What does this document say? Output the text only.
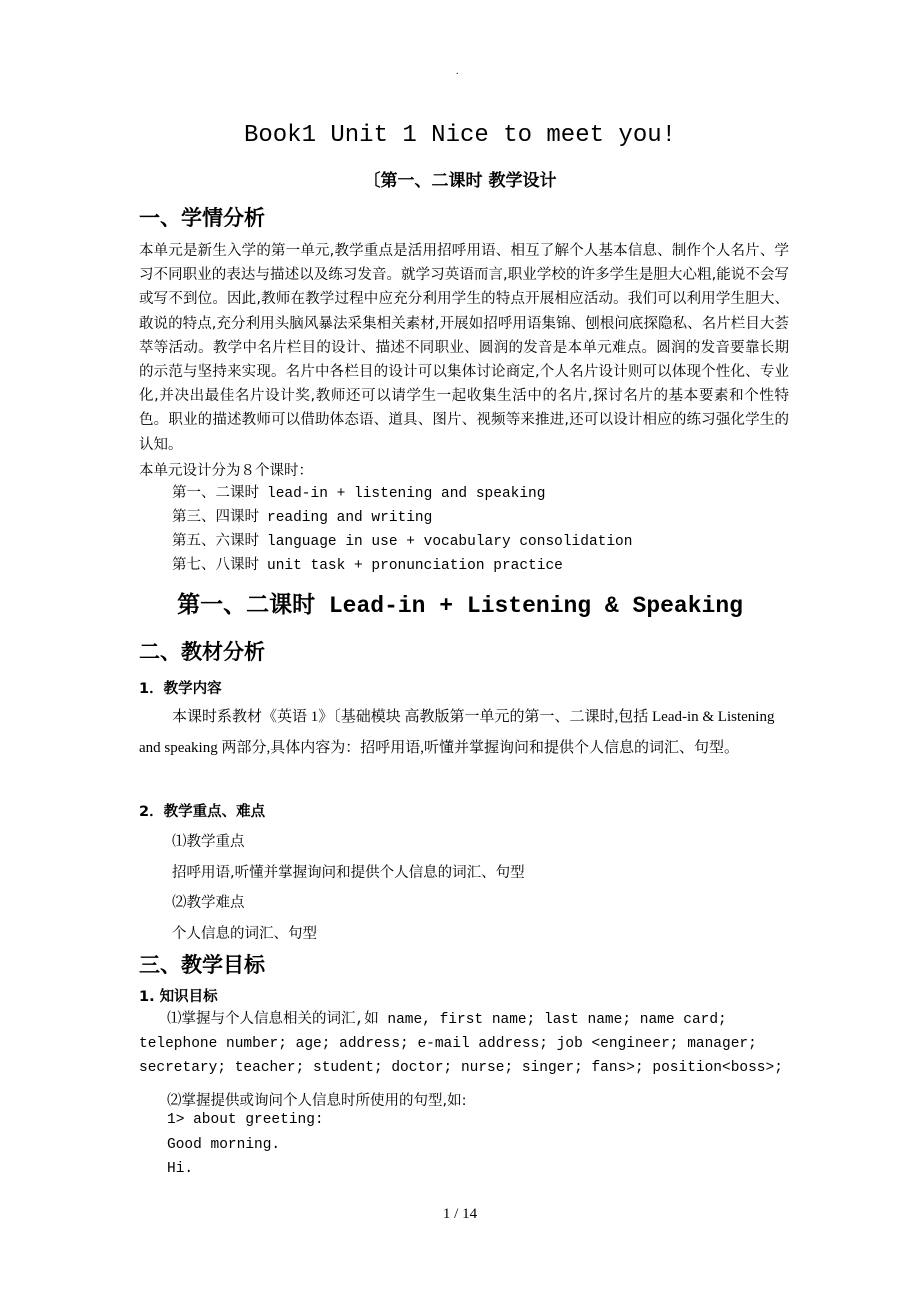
.
Book1 Unit 1 Nice to meet you!
〔第一、二课时 教学设计
一、学情分析
本单元是新生入学的第一单元,教学重点是活用招呼用语、相互了解个人基本信息、制作个人名片、学习不同职业的表达与描述以及练习发音。就学习英语而言,职业学校的许多学生是胆大心粗,能说不会写或写不到位。因此,教师在教学过程中应充分利用学生的特点开展相应活动。我们可以利用学生胆大、敢说的特点,充分利用头脑风暴法采集相关素材,开展如招呼用语集锦、刨根问底探隐私、名片栏目大荟萃等活动。教学中名片栏目的设计、描述不同职业、圆润的发音是本单元难点。圆润的发音要靠长期的示范与坚持来实现。名片中各栏目的设计可以集体讨论商定,个人名片设计则可以体现个性化、专业化,并决出最佳名片设计奖,教师还可以请学生一起收集生活中的名片,探讨名片的基本要素和个性特色。职业的描述教师可以借助体态语、道具、图片、视频等来推进,还可以设计相应的练习强化学生的认知。
本单元设计分为８个课时：
第一、二课时 lead-in + listening and speaking
第三、四课时 reading and writing
第五、六课时 language in use + vocabulary consolidation
第七、八课时 unit task + pronunciation practice
第一、二课时 Lead-in + Listening & Speaking
二、教材分析
1．教学内容
本课时系教材《英语 1》〔基础模块 高教版第一单元的第一、二课时,包括 Lead-in & Listening and speaking 两部分,具体内容为：招呼用语,听懂并掌握询问和提供个人信息的词汇、句型。
2．教学重点、难点
⑴教学重点
招呼用语,听懂并掌握询问和提供个人信息的词汇、句型
⑵教学难点
个人信息的词汇、句型
三、教学目标
1. 知识目标
⑴掌握与个人信息相关的词汇,如 name, first name; last name; name card; telephone number; age; address; e-mail address; job <engineer; manager; secretary; teacher; student; doctor; nurse; singer; fans>; position<boss>;
⑵掌握提供或询问个人信息时所使用的句型,如:
1> about greeting:
Good morning.
Hi.
1 / 14
